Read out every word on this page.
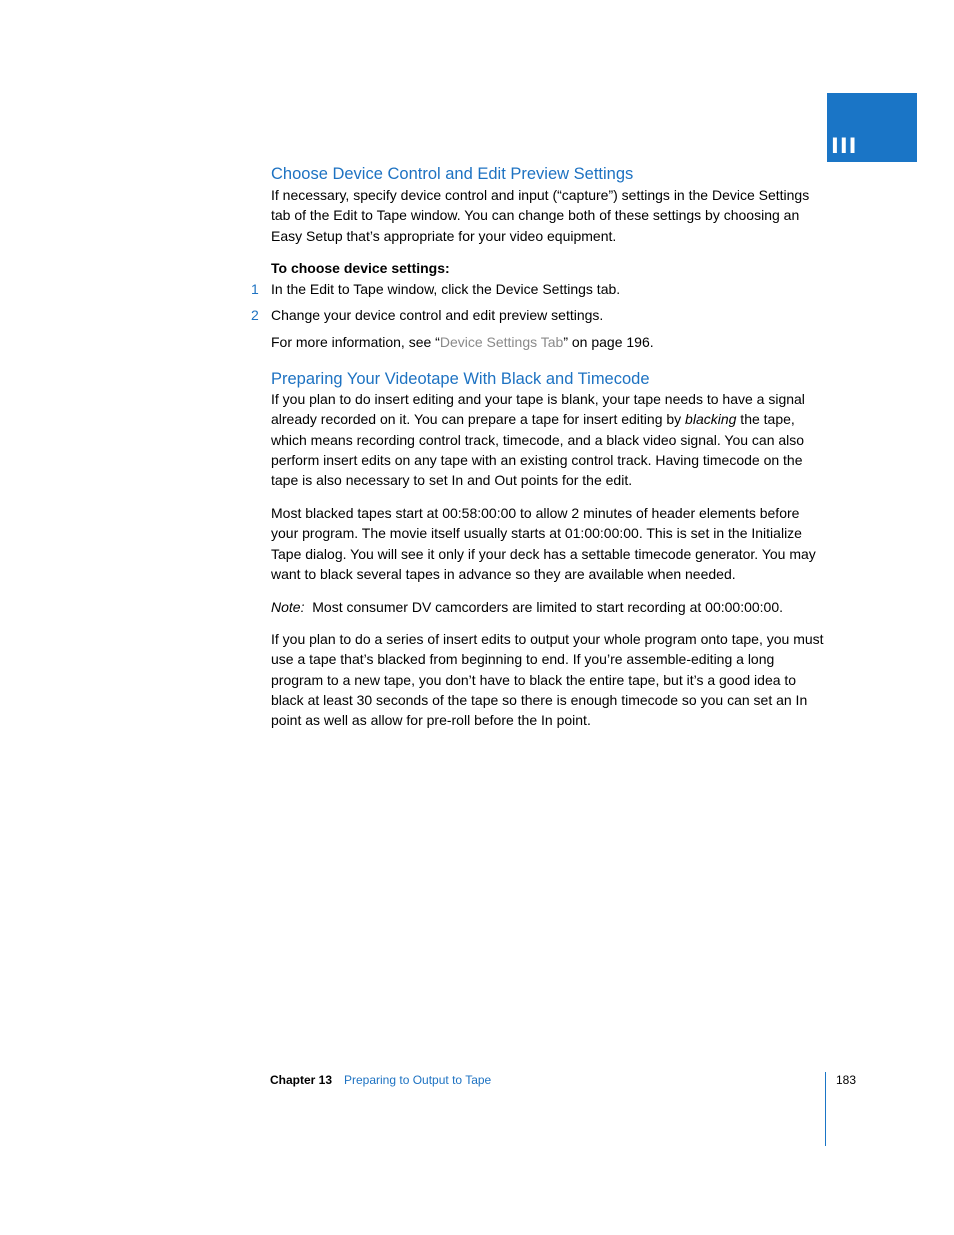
III
Choose Device Control and Edit Preview Settings
If necessary, specify device control and input (“capture”) settings in the Device Settings tab of the Edit to Tape window. You can change both of these settings by choosing an Easy Setup that’s appropriate for your video equipment.
To choose device settings:
1 In the Edit to Tape window, click the Device Settings tab.
2 Change your device control and edit preview settings.
For more information, see “Device Settings Tab” on page 196.
Preparing Your Videotape With Black and Timecode
If you plan to do insert editing and your tape is blank, your tape needs to have a signal already recorded on it. You can prepare a tape for insert editing by blacking the tape, which means recording control track, timecode, and a black video signal. You can also perform insert edits on any tape with an existing control track. Having timecode on the tape is also necessary to set In and Out points for the edit.
Most blacked tapes start at 00:58:00:00 to allow 2 minutes of header elements before your program. The movie itself usually starts at 01:00:00:00. This is set in the Initialize Tape dialog. You will see it only if your deck has a settable timecode generator. You may want to black several tapes in advance so they are available when needed.
Note: Most consumer DV camcorders are limited to start recording at 00:00:00:00.
If you plan to do a series of insert edits to output your whole program onto tape, you must use a tape that’s blacked from beginning to end. If you’re assemble-editing a long program to a new tape, you don’t have to black the entire tape, but it’s a good idea to black at least 30 seconds of the tape so there is enough timecode so you can set an In point as well as allow for pre-roll before the In point.
Chapter 13 Preparing to Output to Tape	183
